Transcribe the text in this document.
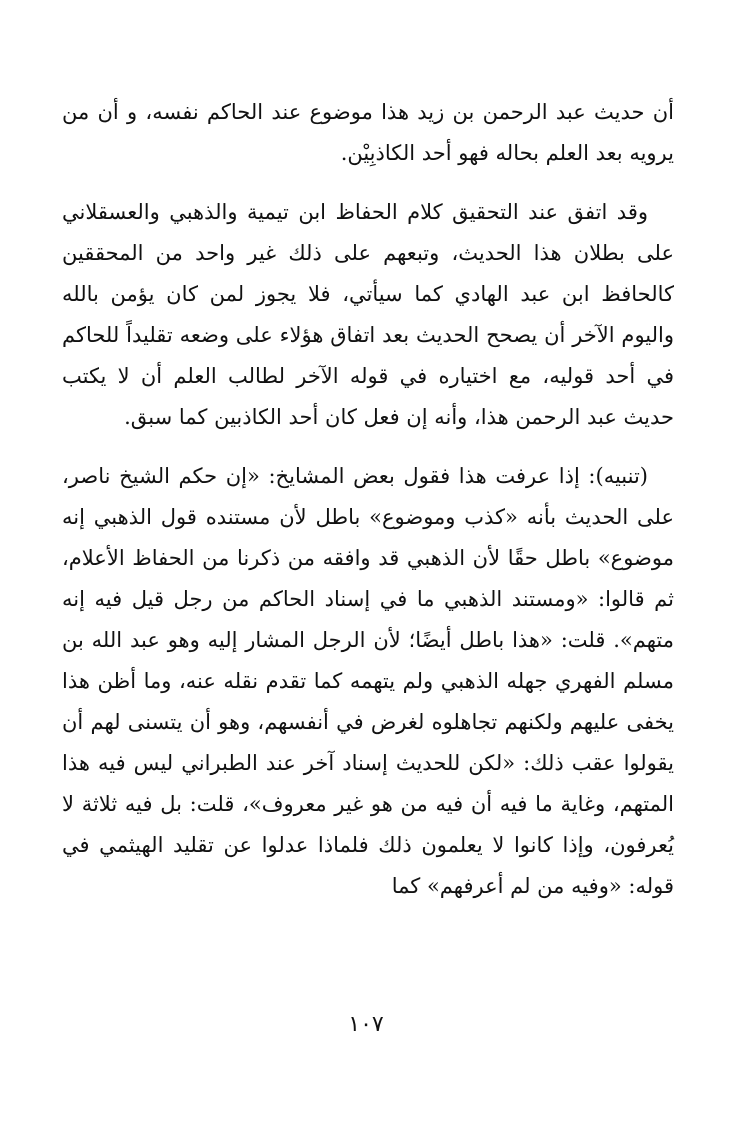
أن حديث عبد الرحمن بن زيد هذا موضوع عند الحاكم نفسه، و أن من يرويه بعد العلم بحاله فهو أحد الكاذبِيْن.

وقد اتفق عند التحقيق كلام الحفاظ ابن تيمية والذهبي والعسقلاني على بطلان هذا الحديث، وتبعهم على ذلك غير واحد من المحققين كالحافظ ابن عبد الهادي كما سيأتي، فلا يجوز لمن كان يؤمن بالله واليوم الآخر أن يصحح الحديث بعد اتفاق هؤلاء على وضعه تقليداً للحاكم في أحد قوليه، مع اختياره في قوله الآخر لطالب العلم أن لا يكتب حديث عبد الرحمن هذا، وأنه إن فعل كان أحد الكاذبين كما سبق.

(تنبيه): إذا عرفت هذا فقول بعض المشايخ: «إن حكم الشيخ ناصر، على الحديث بأنه «كذب وموضوع» باطل لأن مستنده قول الذهبي إنه موضوع» باطل حقًا لأن الذهبي قد وافقه من ذكرنا من الحفاظ الأعلام، ثم قالوا: «ومستند الذهبي ما في إسناد الحاكم من رجل قيل فيه إنه متهم». قلت: «هذا باطل أيضًا؛ لأن الرجل المشار إليه وهو عبد الله بن مسلم الفهري جهله الذهبي ولم يتهمه كما تقدم نقله عنه، وما أظن هذا يخفى عليهم ولكنهم تجاهلوه لغرض في أنفسهم، وهو أن يتسنى لهم أن يقولوا عقب ذلك: «لكن للحديث إسناد آخر عند الطبراني ليس فيه هذا المتهم، وغاية ما فيه أن فيه من هو غير معروف»، قلت: بل فيه ثلاثة لا يُعرفون، وإذا كانوا لا يعلمون ذلك فلماذا عدلوا عن تقليد الهيثمي في قوله: «وفيه من لم أعرفهم» كما

١٠٧
